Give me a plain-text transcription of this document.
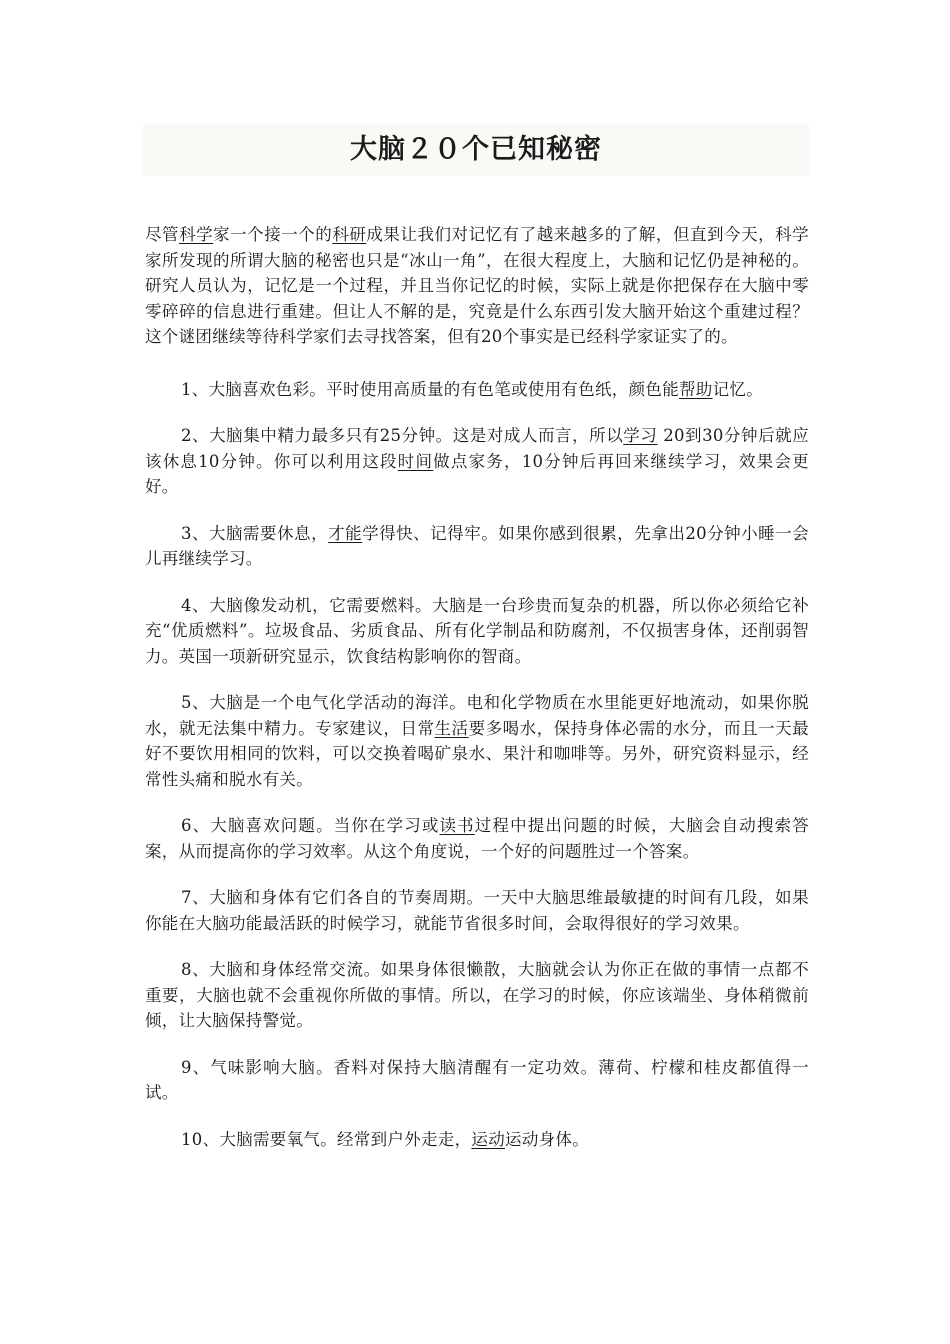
大脑２０个已知秘密

尽管科学家一个接一个的科研成果让我们对记忆有了越来越多的了解，但直到今天，科学家所发现的所谓大脑的秘密也只是“冰山一角”，在很大程度上，大脑和记忆仍是神秘的。研究人员认为，记忆是一个过程，并且当你记忆的时候，实际上就是你把保存在大脑中零零碎碎的信息进行重建。但让人不解的是，究竟是什么东西引发大脑开始这个重建过程？这个谜团继续等待科学家们去寻找答案，但有20个事实是已经科学家证实了的。

1、大脑喜欢色彩。平时使用高质量的有色笔或使用有色纸，颜色能帮助记忆。

2、大脑集中精力最多只有25分钟。这是对成人而言，所以学习 20到30分钟后就应该休息10分钟。你可以利用这段时间做点家务，10分钟后再回来继续学习，效果会更好。

3、大脑需要休息，才能学得快、记得牢。如果你感到很累，先拿出20分钟小睡一会儿再继续学习。

4、大脑像发动机，它需要燃料。大脑是一台珍贵而复杂的机器，所以你必须给它补充“优质燃料”。垃圾食品、劣质食品、所有化学制品和防腐剂，不仅损害身体，还削弱智力。英国一项新研究显示，饮食结构影响你的智商。

5、大脑是一个电气化学活动的海洋。电和化学物质在水里能更好地流动，如果你脱水，就无法集中精力。专家建议，日常生活要多喝水，保持身体必需的水分，而且一天最好不要饮用相同的饮料，可以交换着喝矿泉水、果汁和咖啡等。另外，研究资料显示，经常性头痛和脱水有关。

6、大脑喜欢问题。当你在学习或读书过程中提出问题的时候，大脑会自动搜索答案，从而提高你的学习效率。从这个角度说，一个好的问题胜过一个答案。

7、大脑和身体有它们各自的节奏周期。一天中大脑思维最敏捷的时间有几段，如果你能在大脑功能最活跃的时候学习，就能节省很多时间，会取得很好的学习效果。

8、大脑和身体经常交流。如果身体很懒散，大脑就会认为你正在做的事情一点都不重要，大脑也就不会重视你所做的事情。所以，在学习的时候，你应该端坐、身体稍微前倾，让大脑保持警觉。

9、气味影响大脑。香料对保持大脑清醒有一定功效。薄荷、柠檬和桂皮都值得一试。

10、大脑需要氧气。经常到户外走走，运动运动身体。
